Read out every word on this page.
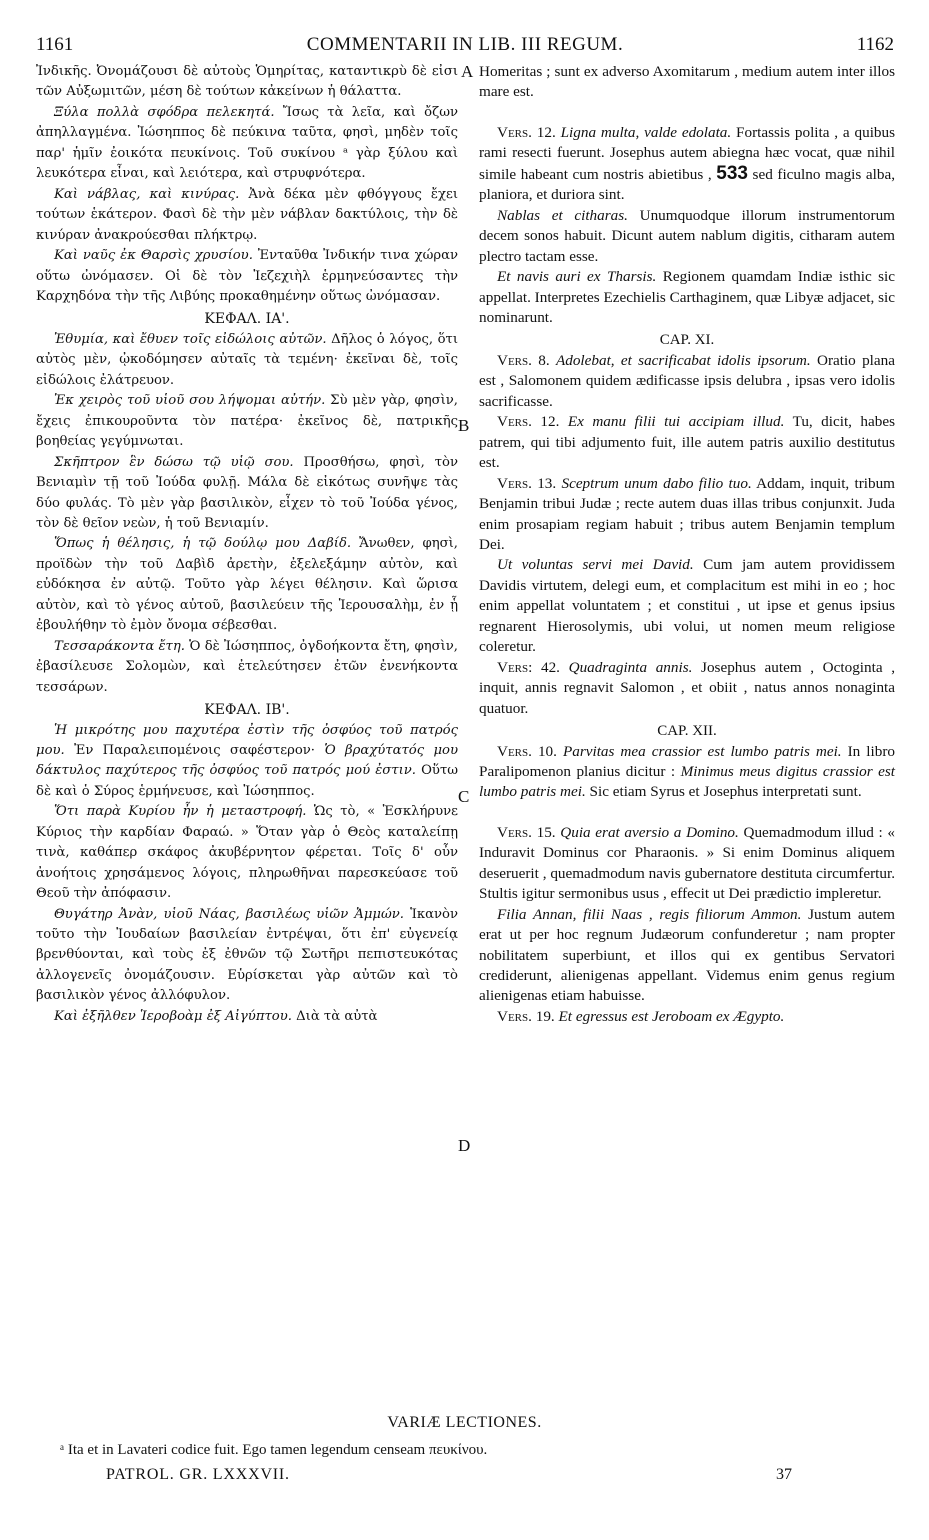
1161	COMMENTARII IN LIB. III REGUM.	1162
A
B
C
D

Ἰνδικῆς. Ὀνομάζουσι δὲ αὐτοὺς Ὁμηρίτας, καταντικρὺ δὲ εἰσι τῶν Αὐξωμιτῶν, μέση δὲ τούτων κἀκείνων ἡ θάλαττα.

Ξύλα πολλὰ σφόδρα πελεκητά. Ἴσως τὰ λεῖα, καὶ ὄζων ἀπηλλαγμένα. Ἰώσηππος δὲ πεύκινα ταῦτα, φησὶ, μηδὲν τοῖς παρ' ἡμῖν ἐοικότα πευκίνοις. Τοῦ συκίνου ᵃ γὰρ ξύλου καὶ λευκότερα εἶναι, καὶ λειότερα, καὶ στρυφνότερα.

Καὶ νάβλας, καὶ κινύρας. Ἀνὰ δέκα μὲν φθόγγους ἔχει τούτων ἑκάτερον. Φασὶ δὲ τὴν μὲν νάβλαν δακτύλοις, τὴν δὲ κινύραν ἀνακρούεσθαι πλήκτρῳ.

Καὶ ναῦς ἐκ Θαρσὶς χρυσίου. Ἐνταῦθα Ἰνδικήν τινα χώραν οὕτω ὠνόμασεν. Οἱ δὲ τὸν Ἰεζεχιὴλ ἑρμηνεύσαντες τὴν Καρχηδόνα τὴν τῆς Λιβύης προκαθημένην οὕτως ὠνόμασαν.

ΚΕΦΑΛ. ΙΑ'.

Ἐθυμία, καὶ ἔθυεν τοῖς εἰδώλοις αὐτῶν. Δῆλος ὁ λόγος, ὅτι αὐτὸς μὲν, ᾠκοδόμησεν αὐταῖς τὰ τεμένη· ἐκεῖναι δὲ, τοῖς εἰδώλοις ἐλάτρευον.

Ἐκ χειρὸς τοῦ υἱοῦ σου λήψομαι αὐτήν. Σὺ μὲν γὰρ, φησὶν, ἔχεις ἐπικουροῦντα τὸν πατέρα· ἐκεῖνος δὲ, πατρικῆς βοηθείας γεγύμνωται.

Σκῆπτρον ἓν δώσω τῷ υἱῷ σου. Προσθήσω, φησὶ, τὸν Βενιαμὶν τῇ τοῦ Ἰούδα φυλῇ. Μάλα δὲ εἰκότως συνῆψε τὰς δύο φυλάς. Τὸ μὲν γὰρ βασιλικὸν, εἶχεν τὸ τοῦ Ἰούδα γένος, τὸν δὲ θεῖον νεὼν, ἡ τοῦ Βενιαμίν.

Ὅπως ἡ θέλησις, ἡ τῷ δούλῳ μου Δαβίδ. Ἄνωθεν, φησὶ, προϊδὼν τὴν τοῦ Δαβὶδ ἀρετὴν, ἐξελεξάμην αὐτὸν, καὶ εὐδόκησα ἐν αὐτῷ. Τοῦτο γὰρ λέγει θέλησιν. Καὶ ὥρισα αὐτὸν, καὶ τὸ γένος αὐτοῦ, βασιλεύειν τῆς Ἱερουσαλὴμ, ἐν ᾗ ἐβουλήθην τὸ ἐμὸν ὄνομα σέβεσθαι.

Τεσσαράκοντα ἔτη. Ὁ δὲ Ἰώσηππος, ὀγδοήκοντα ἔτη, φησὶν, ἐβασίλευσε Σολομὼν, καὶ ἐτελεύτησεν ἐτῶν ἐνενήκοντα τεσσάρων.

ΚΕΦΑΛ. ΙΒ'.

Ἡ μικρότης μου παχυτέρα ἐστὶν τῆς ὀσφύος τοῦ πατρός μου. Ἐν Παραλειπομένοις σαφέστερον· Ὁ βραχύτατός μου δάκτυλος παχύτερος τῆς ὀσφύος τοῦ πατρός μού ἐστιν. Οὕτω δὲ καὶ ὁ Σύρος ἑρμήνευσε, καὶ Ἰώσηππος.

Ὅτι παρὰ Κυρίου ἦν ἡ μεταστροφή. Ὡς τὸ, « Ἐσκλήρυνε Κύριος τὴν καρδίαν Φαραώ. » Ὅταν γὰρ ὁ Θεὸς καταλείπῃ τινὰ, καθάπερ σκάφος ἀκυβέρνητον φέρεται. Τοῖς δ' οὖν ἀνοήτοις χρησάμενος λόγοις, πληρωθῆναι παρεσκεύασε τοῦ Θεοῦ τὴν ἀπόφασιν.

Θυγάτηρ Ἀνὰν, υἱοῦ Νάας, βασιλέως υἱῶν Ἀμμών. Ἱκανὸν τοῦτο τὴν Ἰουδαίων βασιλείαν ἐντρέψαι, ὅτι ἐπ' εὐγενείᾳ βρενθύονται, καὶ τοὺς ἐξ ἐθνῶν τῷ Σωτῆρι πεπιστευκότας ἀλλογενεῖς ὀνομάζουσιν. Εὑρίσκεται γὰρ αὐτῶν καὶ τὸ βασιλικὸν γένος ἀλλόφυλον.

Καὶ ἐξῆλθεν Ἱεροβοὰμ ἐξ Αἰγύπτου. Διὰ τὰ αὐτὰ

Homeritas ; sunt ex adverso Axomitarum , medium autem inter illos mare est.

Vers. 12. Ligna multa, valde edolata. Fortassis polita , a quibus rami resecti fuerunt. Josephus autem abiegna hæc vocat, quæ nihil simile habeant cum nostris abietibus , 533 sed ficulno magis alba, planiora, et duriora sint.

Nablas et citharas. Unumquodque illorum instrumentorum decem sonos habuit. Dicunt autem nablum digitis, citharam autem plectro tactam esse.

Et navis auri ex Tharsis. Regionem quamdam Indiæ isthic sic appellat. Interpretes Ezechielis Carthaginem, quæ Libyæ adjacet, sic nominarunt.

CAP. XI.

Vers. 8. Adolebat, et sacrificabat idolis ipsorum. Oratio plana est , Salomonem quidem ædificasse ipsis delubra , ipsas vero idolis sacrificasse.

Vers. 12. Ex manu filii tui accipiam illud. Tu, dicit, habes patrem, qui tibi adjumento fuit, ille autem patris auxilio destitutus est.

Vers. 13. Sceptrum unum dabo filio tuo. Addam, inquit, tribum Benjamin tribui Judæ ; recte autem duas illas tribus conjunxit. Juda enim prosapiam regiam habuit ; tribus autem Benjamin templum Dei.

Ut voluntas servi mei David. Cum jam autem providissem Davidis virtutem, delegi eum, et complacitum est mihi in eo ; hoc enim appellat voluntatem ; et constitui , ut ipse et genus ipsius regnarent Hierosolymis, ubi volui, ut nomen meum religiose coleretur.

Vers: 42. Quadraginta annis. Josephus autem , Octoginta , inquit, annis regnavit Salomon , et obiit , natus annos nonaginta quatuor.

CAP. XII.

Vers. 10. Parvitas mea crassior est lumbo patris mei. In libro Paralipomenon planius dicitur : Minimus meus digitus crassior est lumbo patris mei. Sic etiam Syrus et Josephus interpretati sunt.

Vers. 15. Quia erat aversio a Domino. Quemadmodum illud : « Induravit Dominus cor Pharaonis. » Si enim Dominus aliquem deseruerit , quemadmodum navis gubernatore destituta circumfertur. Stultis igitur sermonibus usus , effecit ut Dei prædictio impleretur.

Filia Annan, filii Naas , regis filiorum Ammon. Justum autem erat ut per hoc regnum Judæorum confunderetur ; nam propter nobilitatem superbiunt, et illos qui ex gentibus Servatori crediderunt, alienigenas appellant. Videmus enim genus regium alienigenas etiam habuisse.

Vers. 19. Et egressus est Jeroboam ex Ægypto.

VARIÆ LECTIONES.
ᵃ Ita et in Lavateri codice fuit. Ego tamen legendum censeam πευκίνου.
PATROL. GR. LXXXVII.	37
